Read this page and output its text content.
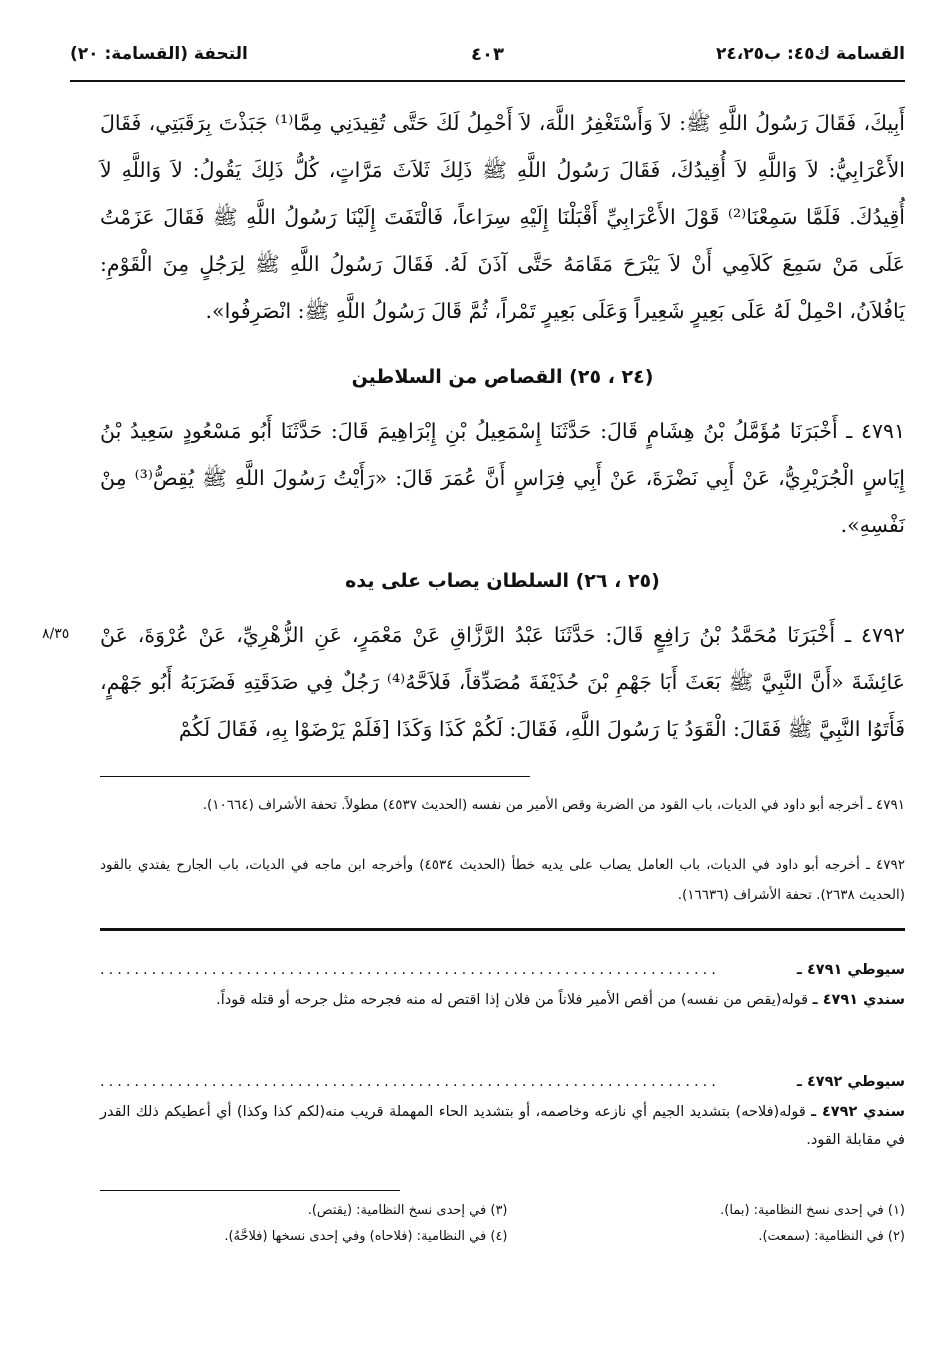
القسامة ك٤٥: ب٢٤،٢٥
٤٠٣
التحفة (القسامة: ٢٠)
أَبِيكَ، فَقَالَ رَسُولُ اللَّهِ ﷺ: لاَ وَأَسْتَغْفِرُ اللَّهَ، لاَ أَحْمِلُ لَكَ حَتَّى تُقِيدَنِي مِمَّا⁽¹⁾ جَبَذْتَ بِرَقَبَتِي، فَقَالَ الأَعْرَابِيُّ: لاَ وَاللَّهِ لاَ أُقِيدُكَ، فَقَالَ رَسُولُ اللَّهِ ﷺ ذَلِكَ ثَلاَثَ مَرَّاتٍ، كُلُّ ذَلِكَ يَقُولُ: لاَ وَاللَّهِ لاَ أُقِيدُكَ. فَلَمَّا سَمِعْنَا⁽²⁾ قَوْلَ الأَعْرَابِيِّ أَقْبَلْنَا إِلَيْهِ سِرَاعاً، فَالْتَفَتَ إِلَيْنَا رَسُولُ اللَّهِ ﷺ فَقَالَ عَزَمْتُ عَلَى مَنْ سَمِعَ كَلاَمِي أَنْ لاَ يَبْرَحَ مَقَامَهُ حَتَّى آذَنَ لَهُ. فَقَالَ رَسُولُ اللَّهِ ﷺ لِرَجُلٍ مِنَ الْقَوْمِ: يَافُلاَنُ، احْمِلْ لَهُ عَلَى بَعِيرٍ شَعِيراً وَعَلَى بَعِيرٍ تَمْراً، ثُمَّ قَالَ رَسُولُ اللَّهِ ﷺ: انْصَرِفُوا».
(٢٤ ، ٢٥) القصاص من السلاطين
٤٧٩١ ـ أَخْبَرَنَا مُؤَمَّلُ بْنُ هِشَامٍ قَالَ: حَدَّثَنَا إِسْمَعِيلُ بْنِ إِبْرَاهِيمَ قَالَ: حَدَّثَنَا أَبُو مَسْعُودٍ سَعِيدُ بْنُ إِيَاسٍ الْجُرَيْرِيُّ، عَنْ أَبِي نَضْرَةَ، عَنْ أَبِي فِرَاسٍ أَنَّ عُمَرَ قَالَ: «رَأَيْتُ رَسُولَ اللَّهِ ﷺ يُقِصُّ⁽³⁾ مِنْ نَفْسِهِ».
(٢٥ ، ٢٦) السلطان يصاب على يده
٨/٣٥ ٤٧٩٢ ـ أَخْبَرَنَا مُحَمَّدُ بْنُ رَافِعٍ قَالَ: حَدَّثَنَا عَبْدُ الرَّزَّاقِ عَنْ مَعْمَرٍ، عَنِ الزُّهْرِيِّ، عَنْ عُرْوَةَ، عَنْ عَائِشَةَ «أَنَّ النَّبِيَّ ﷺ بَعَثَ أَبَا جَهْمِ بْنَ حُذَيْفَةَ مُصَدِّقاً، فَلاَحَّهُ⁽⁴⁾ رَجُلٌ فِي صَدَقَتِهِ فَضَرَبَهُ أَبُو جَهْمٍ، فَأَتَوُا النَّبِيَّ ﷺ فَقَالَ: الْقَوَدُ يَا رَسُولَ اللَّهِ، فَقَالَ: لَكُمْ كَذَا وَكَذَا [فَلَمْ يَرْضَوْا بِهِ، فَقَالَ لَكُمْ
٤٧٩١ ـ أخرجه أبو داود في الديات، باب القود من الضربة وقص الأمير من نفسه (الحديث ٤٥٣٧) مطولاً. تحفة الأشراف (١٠٦٦٤).
٤٧٩٢ ـ أخرجه أبو داود في الديات، باب العامل يصاب على يديه خطأ (الحديث ٤٥٣٤) وأخرجه ابن ماجه في الديات، باب الجارح يفتدي بالقود (الحديث ٢٦٣٨). تحفة الأشراف (١٦٦٣٦).
سيوطي ٤٧٩١ ـ
........................................................................
سندي ٤٧٩١ ـ قوله(يقص من نفسه) من أقص الأمير فلاناً من فلان إذا اقتص له منه فجرحه مثل جرحه أو قتله قوداً.
سيوطي ٤٧٩٢ ـ
........................................................................
سندي ٤٧٩٢ ـ قوله(فلاحه) بتشديد الجيم أي نازعه وخاصمه، أو بتشديد الحاء المهملة قريب منه(لكم كذا وكذا) أي أعطيكم ذلك القدر في مقابلة القود.
(١) في إحدى نسخ النظامية: (بما).
(٣) في إحدى نسخ النظامية: (يقتص).
(٢) في النظامية: (سمعت).
(٤) في النظامية: (فلاحاه) وفي إحدى نسخها (فلاحَّهُ).
